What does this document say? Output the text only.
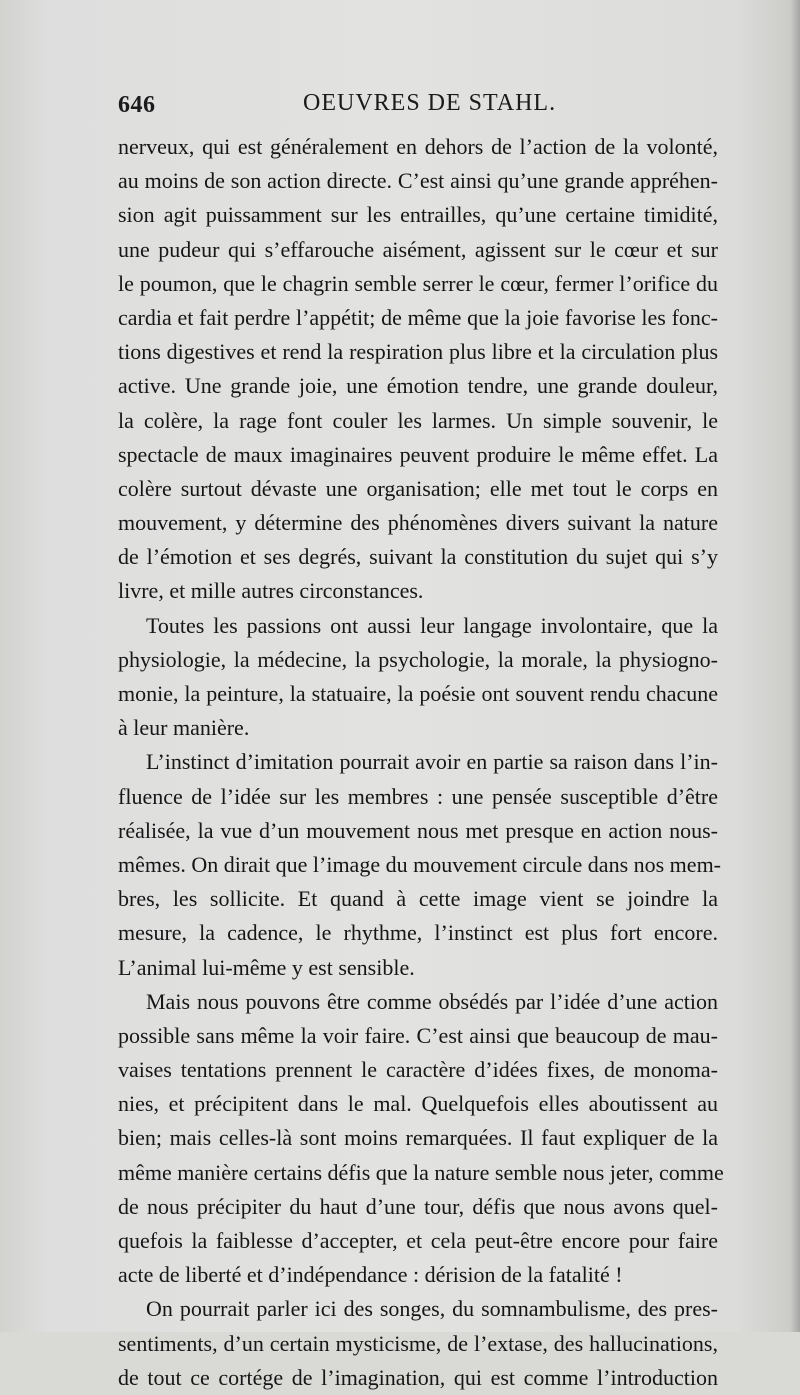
646	OEUVRES DE STAHL.
nerveux, qui est généralement en dehors de l’action de la volonté,
au moins de son action directe. C’est ainsi qu’une grande appréhen-
sion agit puissamment sur les entrailles, qu’une certaine timidité,
une pudeur qui s’effarouche aisément, agissent sur le cœur et sur
le poumon, que le chagrin semble serrer le cœur, fermer l’orifice du
cardia et fait perdre l’appétit; de même que la joie favorise les fonc-
tions digestives et rend la respiration plus libre et la circulation plus
active. Une grande joie, une émotion tendre, une grande douleur,
la colère, la rage font couler les larmes. Un simple souvenir, le
spectacle de maux imaginaires peuvent produire le même effet. La
colère surtout dévaste une organisation; elle met tout le corps en
mouvement, y détermine des phénomènes divers suivant la nature
de l’émotion et ses degrés, suivant la constitution du sujet qui s’y
livre, et mille autres circonstances.
Toutes les passions ont aussi leur langage involontaire, que la
physiologie, la médecine, la psychologie, la morale, la physiogno-
monie, la peinture, la statuaire, la poésie ont souvent rendu chacune
à leur manière.
L’instinct d’imitation pourrait avoir en partie sa raison dans l’in-
fluence de l’idée sur les membres : une pensée susceptible d’être
réalisée, la vue d’un mouvement nous met presque en action nous-
mêmes. On dirait que l’image du mouvement circule dans nos mem-
bres, les sollicite. Et quand à cette image vient se joindre la
mesure, la cadence, le rhythme, l’instinct est plus fort encore.
L’animal lui-même y est sensible.
Mais nous pouvons être comme obsédés par l’idée d’une action
possible sans même la voir faire. C’est ainsi que beaucoup de mau-
vaises tentations prennent le caractère d’idées fixes, de monoma-
nies, et précipitent dans le mal. Quelquefois elles aboutissent au
bien; mais celles-là sont moins remarquées. Il faut expliquer de la
même manière certains défis que la nature semble nous jeter, comme
de nous précipiter du haut d’une tour, défis que nous avons quel-
quefois la faiblesse d’accepter, et cela peut-être encore pour faire
acte de liberté et d’indépendance : dérision de la fatalité !
On pourrait parler ici des songes, du somnambulisme, des pres-
sentiments, d’un certain mysticisme, de l’extase, des hallucinations,
de tout ce cortége de l’imagination, qui est comme l’introduction
